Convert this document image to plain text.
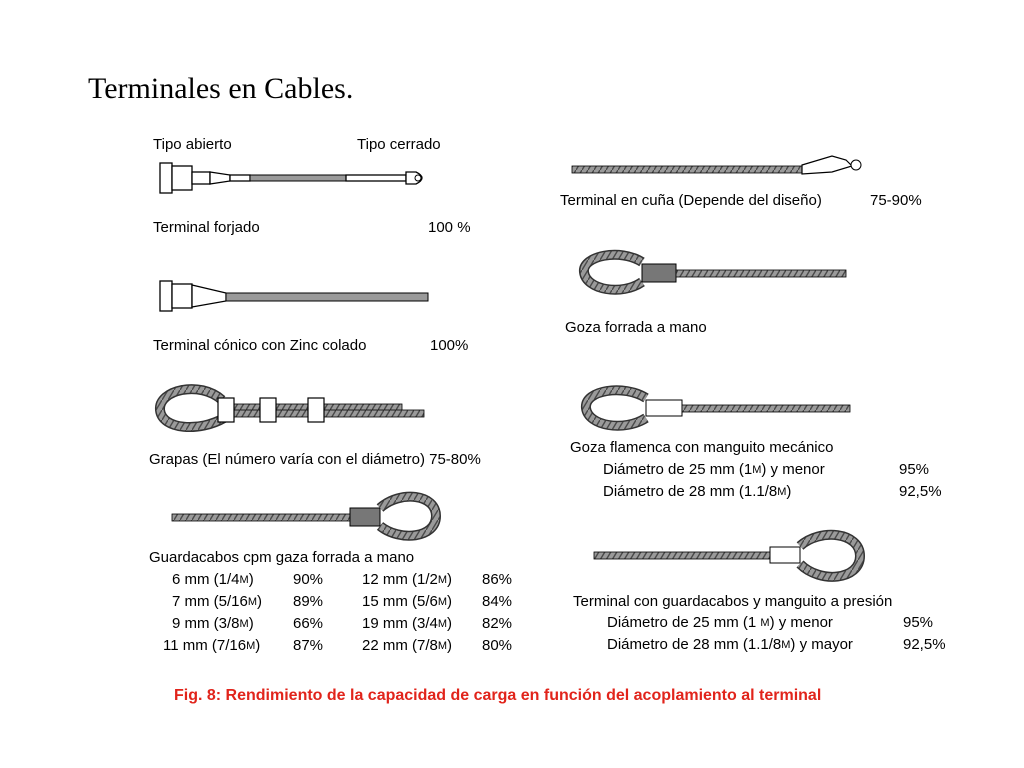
Terminales en Cables.
Tipo abierto	Tipo cerrado
Terminal forjado	100 %
Terminal cónico con Zinc colado	100%
Grapas (El número varía con el diámetro) 75-80%
Guardacabos cpm gaza forrada a mano
6 mm $(1/4^M)$	90%	12 mm $(1/2^M)$ 86%
7 mm $(5/16^M)$ 89%	15 mm $(5/6^M)$ 84%
9 mm $(3/8^M)$	66%	19 mm $(3/4^M)$ 82%
11 mm $(7/16^M)$ 87%	22 mm $(7/8^M)$ 80%
Terminal en cuña (Depende del diseño)	75-90%
Goza forrada a mano
Goza flamenca con manguito mecánico
Diámetro de 25 mm $(1^M)$ y menor	95%
Diámetro de 28 mm $(1.1/8^M)$	92,5%
Terminal con guardacabos y manguito a presión
Diámetro de 25 mm (1 $^M$) y menor	95%
Diámetro de 28 mm $(1.1/8^M)$ y mayor	92,5%
Fig. 8: Rendimiento de la capacidad de carga en función del acoplamiento al terminal
